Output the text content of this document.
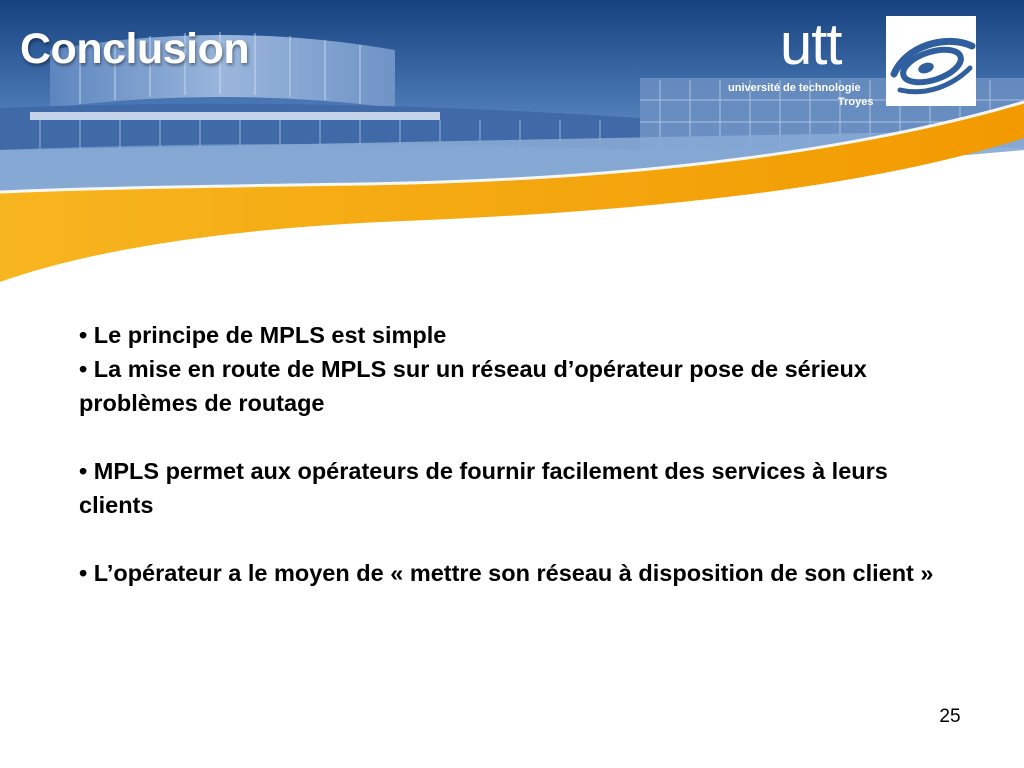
Conclusion	utt
université de technologie
Troyes

• Le principe de MPLS est simple

• La mise en route de MPLS sur un réseau d’opérateur pose de sérieux problèmes de routage

• MPLS permet aux opérateurs de fournir facilement des services à leurs clients

• L’opérateur a le moyen de « mettre son réseau à disposition de son client »

25
